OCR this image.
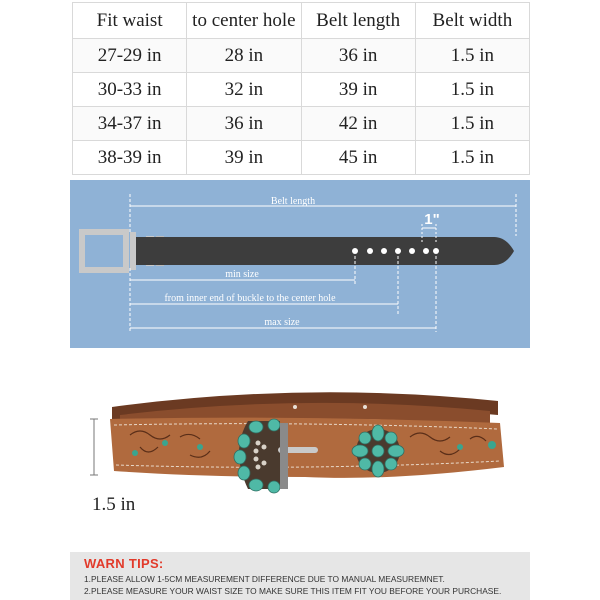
Fit waist	to center hole	Belt length	Belt width
27-29 in	28 in	36 in	1.5 in
30-33 in	32 in	39 in	1.5 in
34-37 in	36 in	42 in	1.5 in
38-39 in	39 in	45 in	1.5 in
Belt length
1"
min size
from inner end of buckle to the center hole
max size
1.5 in
WARN TIPS:
1.PLEASE ALLOW 1-5CM MEASUREMENT DIFFERENCE DUE TO MANUAL MEASUREMNET.
2.PLEASE MEASURE YOUR WAIST SIZE TO MAKE SURE THIS ITEM FIT YOU BEFORE YOUR PURCHASE.
